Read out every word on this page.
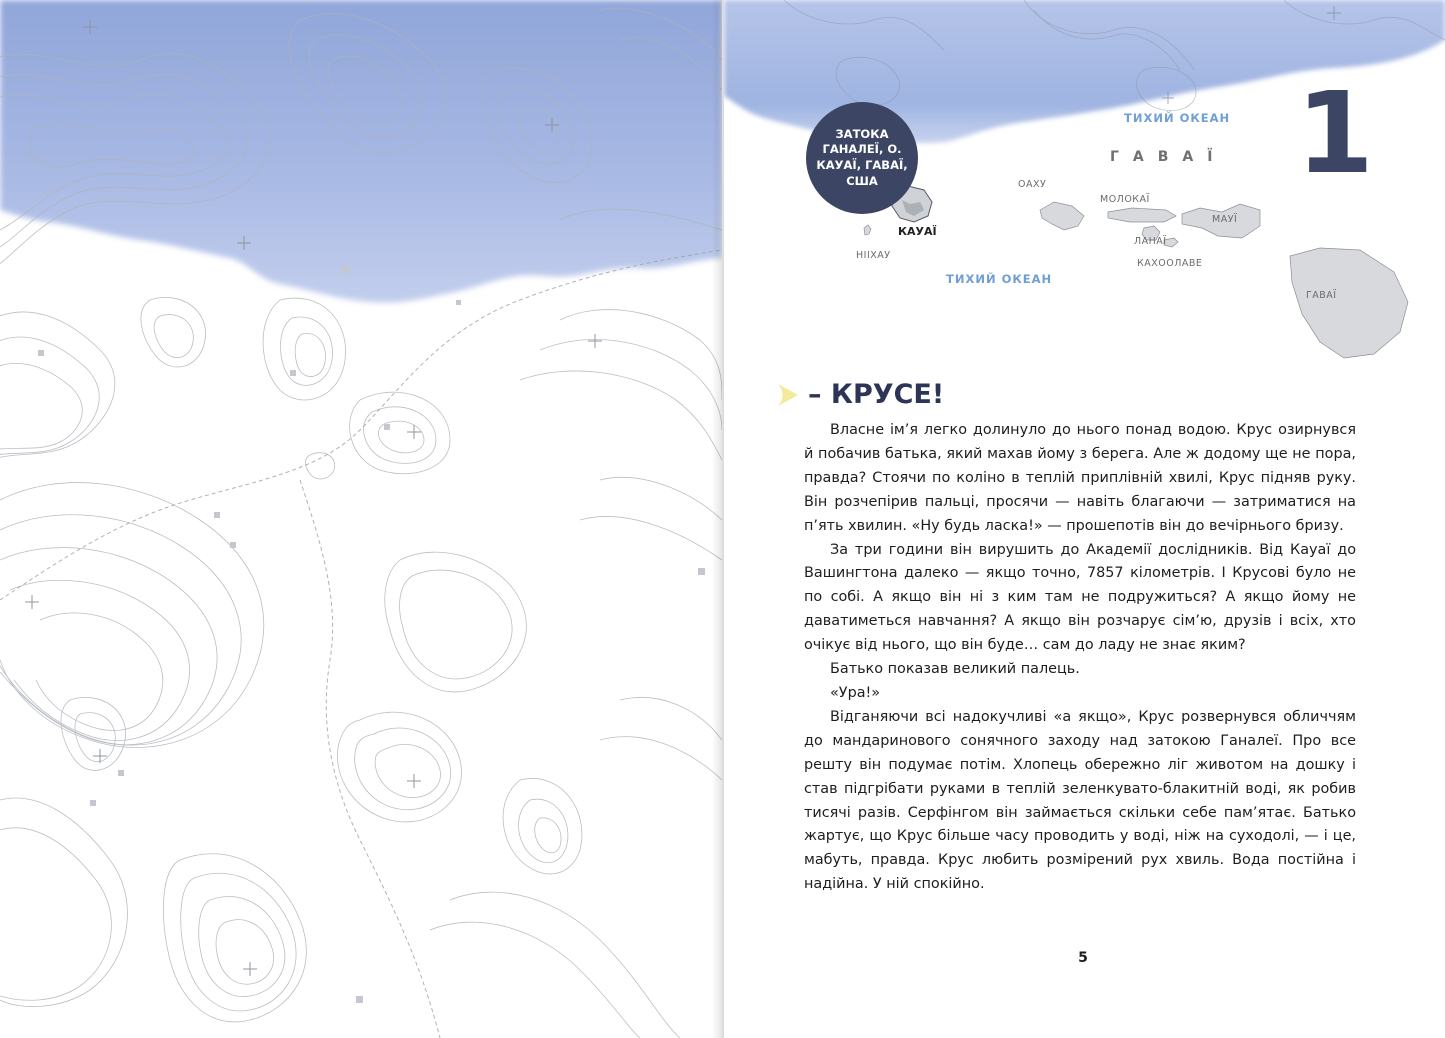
ЗАТОКА ГАНАЛЕЇ, О. КАУАЇ, ГАВАЇ, США
ТИХИЙ ОКЕАН
ГАВАЇ
ОАХУ
МОЛОКАЇ
МАУЇ
КАУАЇ
ЛАНАЇ
НІІХАУ
КАХООЛАВЕ
ТИХИЙ ОКЕАН
ГАВАЇ
1
– КРУСЕ!

Власне ім’я легко долинуло до нього понад водою. Крус озирнувся й побачив батька, який махав йому з берега. Але ж додому ще не пора, правда? Стоячи по коліно в теплій приплівній хвилі, Крус підняв руку. Він розчепірив пальці, просячи — навіть благаючи — затриматися на п’ять хвилин. «Ну будь ласка!» — прошепотів він до вечірнього бризу.

За три години він вирушить до Академії дослідників. Від Кауаї до Вашингтона далеко — якщо точно, 7857 кілометрів. І Крусові було не по собі. А якщо він ні з ким там не подружиться? А якщо йому не даватиметься навчання? А якщо він розчарує сім’ю, друзів і всіх, хто очікує від нього, що він буде… сам до ладу не знає яким?

Батько показав великий палець.

«Ура!»

Відганяючи всі надокучливі «а якщо», Крус розвернувся обличчям до мандаринового сонячного заходу над затокою Ганалеї. Про все решту він подумає потім. Хлопець обережно ліг животом на дошку і став підгрібати руками в теплій зеленкувато-блакитній воді, як робив тисячі разів. Серфінгом він займається скільки себе пам’ятає. Батько жартує, що Крус більше часу проводить у воді, ніж на суходолі, — і це, мабуть, правда. Крус любить розмірений рух хвиль. Вода постійна і надійна. У ній спокійно.

5
